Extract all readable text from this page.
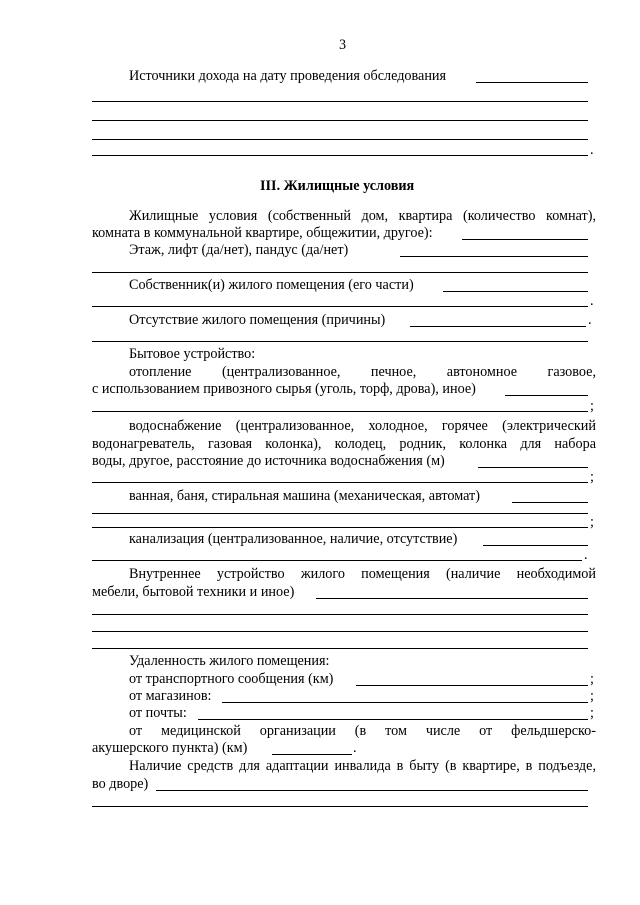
3
Источники дохода на дату проведения обследования
.
III. Жилищные условия
Жилищные условия (собственный дом, квартира (количество комнат),
комната в коммунальной квартире, общежитии, другое):
Этаж, лифт (да/нет), пандус (да/нет)
Собственник(и) жилого помещения (его части)
.
Отсутствие жилого помещения (причины)	.
Бытовое устройство:
отопление (централизованное, печное, автономное газовое,
с использованием привозного сырья (уголь, торф, дрова), иное)
;
водоснабжение (централизованное, холодное, горячее (электрический
водонагреватель, газовая колонка), колодец, родник, колонка для набора
воды, другое, расстояние до источника водоснабжения (м)
;
ванная, баня, стиральная машина (механическая, автомат)
;
канализация (централизованное, наличие, отсутствие)
.
Внутреннее устройство жилого помещения (наличие необходимой
мебели, бытовой техники и иное)
Удаленность жилого помещения:
от транспортного сообщения (км)	;
от магазинов:	;
от почты:	;
от медицинской организации (в том числе от фельдшерско-
акушерского пункта) (км)	.
Наличие средств для адаптации инвалида в быту (в квартире, в подъезде,
во дворе)
